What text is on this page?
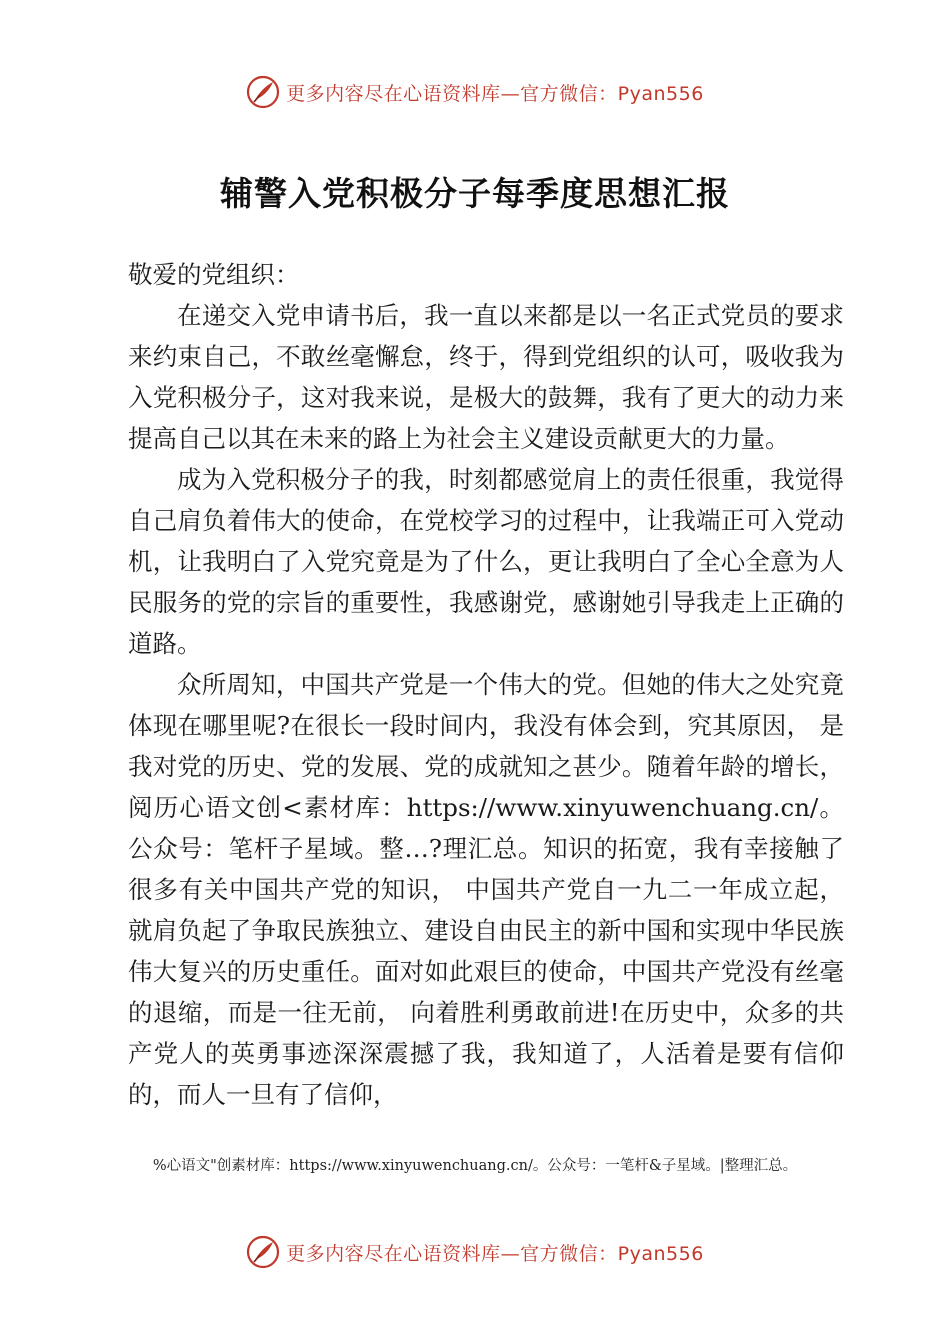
更多内容尽在心语资料库—官方微信：Pyan556
辅警入党积极分子每季度思想汇报

敬爱的党组织：

在递交入党申请书后，我一直以来都是以一名正式党员的要求来约束自己，不敢丝毫懈怠，终于，得到党组织的认可，吸收我为入党积极分子，这对我来说，是极大的鼓舞，我有了更大的动力来提高自己以其在未来的路上为社会主义建设贡献更大的力量。

成为入党积极分子的我，时刻都感觉肩上的责任很重，我觉得自己肩负着伟大的使命，在党校学习的过程中，让我端正可入党动机，让我明白了入党究竟是为了什么，更让我明白了全心全意为人民服务的党的宗旨的重要性，我感谢党，感谢她引导我走上正确的道路。

众所周知，中国共产党是一个伟大的党。但她的伟大之处究竟体现在哪里呢?在很长一段时间内，我没有体会到，究其原因， 是我对党的历史、党的发展、党的成就知之甚少。随着年龄的增长，阅历心语文创<素材库：https://www.xinyuwenchuang.cn/。公众号：笔杆子星域。整…?理汇总。知识的拓宽，我有幸接触了很多有关中国共产党的知识， 中国共产党自一九二一年成立起，就肩负起了争取民族独立、建设自由民主的新中国和实现中华民族伟大复兴的历史重任。面对如此艰巨的使命，中国共产党没有丝毫的退缩，而是一往无前， 向着胜利勇敢前进!在历史中，众多的共产党人的英勇事迹深深震撼了我，我知道了，人活着是要有信仰的，而人一旦有了信仰，

%心语文"创素材库：https://www.xinyuwenchuang.cn/。公众号：一笔杆&子星域。|整理汇总。
更多内容尽在心语资料库—官方微信：Pyan556
